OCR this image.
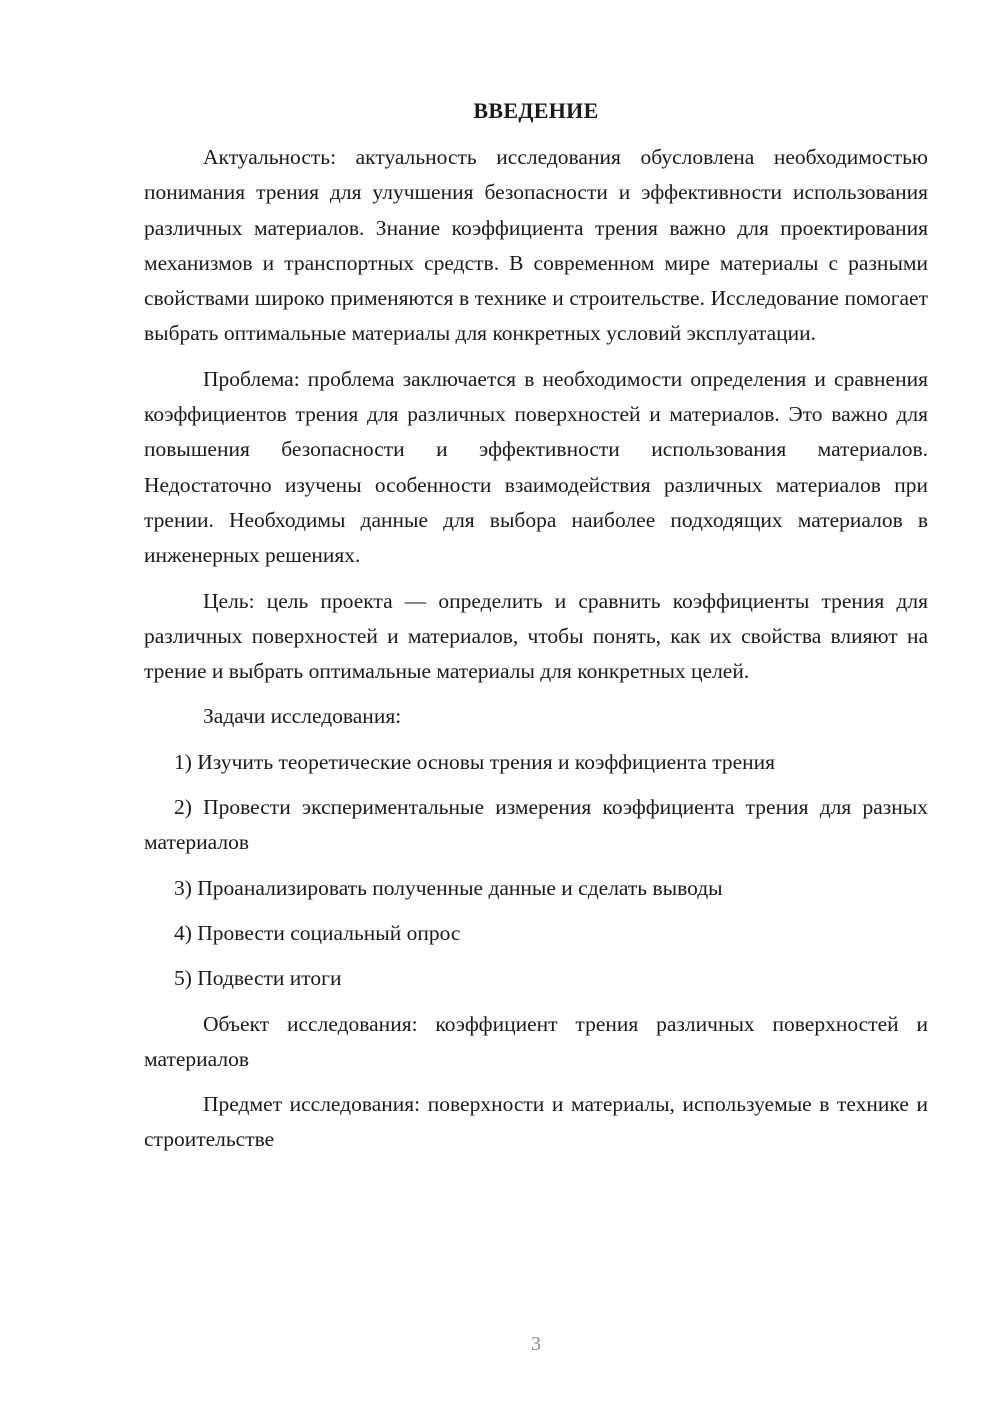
ВВЕДЕНИЕ

Актуальность: актуальность исследования обусловлена необходимостью понимания трения для улучшения безопасности и эффективности использования различных материалов. Знание коэффициента трения важно для проектирования механизмов и транспортных средств. В современном мире материалы с разными свойствами широко применяются в технике и строительстве. Исследование помогает выбрать оптимальные материалы для конкретных условий эксплуатации.

Проблема: проблема заключается в необходимости определения и сравнения коэффициентов трения для различных поверхностей и материалов. Это важно для повышения безопасности и эффективности использования материалов. Недостаточно изучены особенности взаимодействия различных материалов при трении. Необходимы данные для выбора наиболее подходящих материалов в инженерных решениях.

Цель: цель проекта — определить и сравнить коэффициенты трения для различных поверхностей и материалов, чтобы понять, как их свойства влияют на трение и выбрать оптимальные материалы для конкретных целей.

Задачи исследования:

1) Изучить теоретические основы трения и коэффициента трения

2) Провести экспериментальные измерения коэффициента трения для разных материалов

3) Проанализировать полученные данные и сделать выводы

4) Провести социальный опрос

5) Подвести итоги

Объект исследования: коэффициент трения различных поверхностей и материалов

Предмет исследования: поверхности и материалы, используемые в технике и строительстве

3
